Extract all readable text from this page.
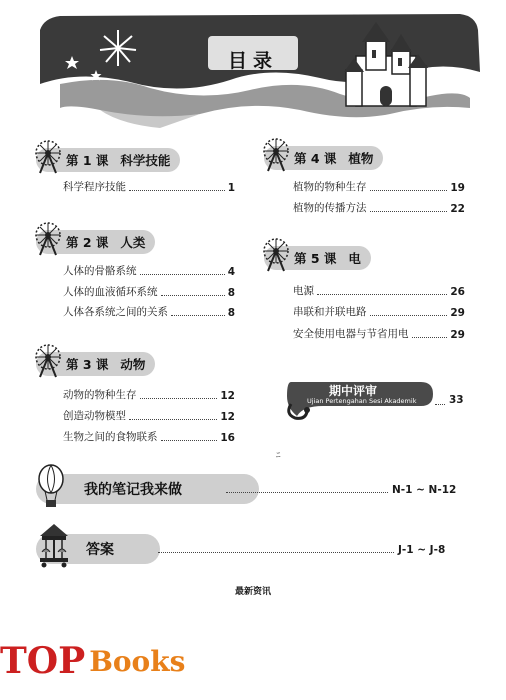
目录
第 1 课 科学技能
科学程序技能	1
第 2 课 人类
人体的骨骼系统	4
人体的血液循环系统	8
人体各系统之间的关系	8
第 3 课 动物
动物的物种生存	12
创造动物模型	12
生物之间的食物联系	16
第 4 课 植物
植物的物种生存	19
植物的传播方法	22
第 5 课 电
电源	26
串联和并联电路	29
安全使用电器与节省用电	29
期中评审
Ujian Pertengahan Sesi Akademik	33
ﾆ
我的笔记我来做	N-1 ~ N-12
答案	J-1 ~ J-8
最新资讯
TOP Books
